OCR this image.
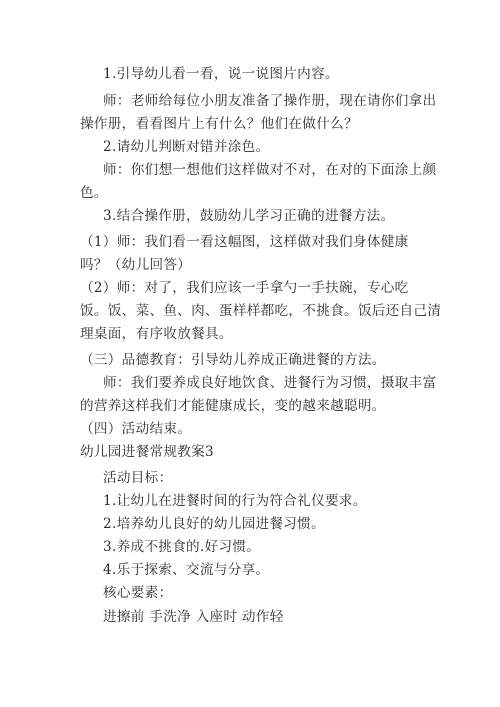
1.引导幼儿看一看，说一说图片内容。
师：老师给每位小朋友准备了操作册，现在请你们拿出
操作册，看看图片上有什么？他们在做什么？
2.请幼儿判断对错并涂色。
师：你们想一想他们这样做对不对，在对的下面涂上颜
色。
3.结合操作册，鼓励幼儿学习正确的进餐方法。
（1）师：我们看一看这幅图，这样做对我们身体健康
吗？（幼儿回答）
（2）师：对了，我们应该一手拿勺一手扶碗，专心吃
饭。饭、菜、鱼、肉、蛋样样都吃，不挑食。饭后还自己清
理桌面，有序收放餐具。
（三）品德教育：引导幼儿养成正确进餐的方法。
师：我们要养成良好地饮食、进餐行为习惯，摄取丰富
的营养这样我们才能健康成长，变的越来越聪明。
（四）活动结束。
幼儿园进餐常规教案3
活动目标：
1.让幼儿在进餐时间的行为符合礼仪要求。
2.培养幼儿良好的幼儿园进餐习惯。
3.养成不挑食的.好习惯。
4.乐于探索、交流与分享。
核心要素：
进擦前 手洗净 入座时 动作轻
